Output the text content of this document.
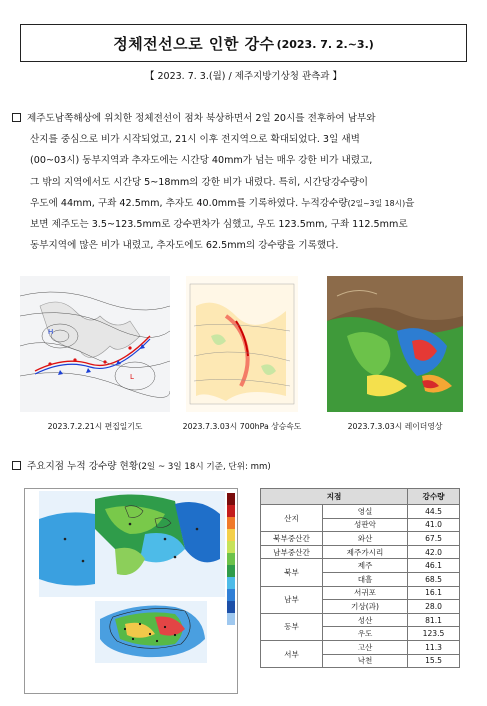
정체전선으로 인한 강수 (2023. 7. 2.~3.)
【 2023. 7. 3.(월) / 제주지방기상청 관측과 】
제주도남쪽해상에 위치한 정체전선이 점차 북상하면서 2일 20시를 전후하여 남부와
산지를 중심으로 비가 시작되었고, 21시 이후 전지역으로 확대되었다. 3일 새벽
(00~03시) 동부지역과 추자도에는 시간당 40mm가 넘는 매우 강한 비가 내렸고,
그 밖의 지역에서도 시간당 5~18mm의 강한 비가 내렸다. 특히, 시간당강수량이
우도에 44mm, 구좌 42.5mm, 추자도 40.0mm를 기록하였다. 누적강수량(2일~3일 18시)을
보면 제주도는 3.5~123.5mm로 강수편차가 심했고, 우도 123.5mm, 구좌 112.5mm로
동부지역에 많은 비가 내렸고, 추자도에도 62.5mm의 강수량을 기록했다.
H
L
2023.7.2.21시 편집일기도	2023.7.3.03시 700hPa 상승속도	2023.7.3.03시 레이더영상
주요지점 누적 강수량 현황(2일 ~ 3일 18시 기준, 단위: mm)
지점		강수량
산지	영실	44.5
	성판악	41.0
북부중산간	와산	67.5
남부중산간	제주가시리	42.0
북부	제주	46.1
	대흘	68.5
남부	서귀포	16.1
	기상(과)	28.0
동부	성산	81.1
	우도	123.5
서부	고산	11.3
	낙천	15.5
